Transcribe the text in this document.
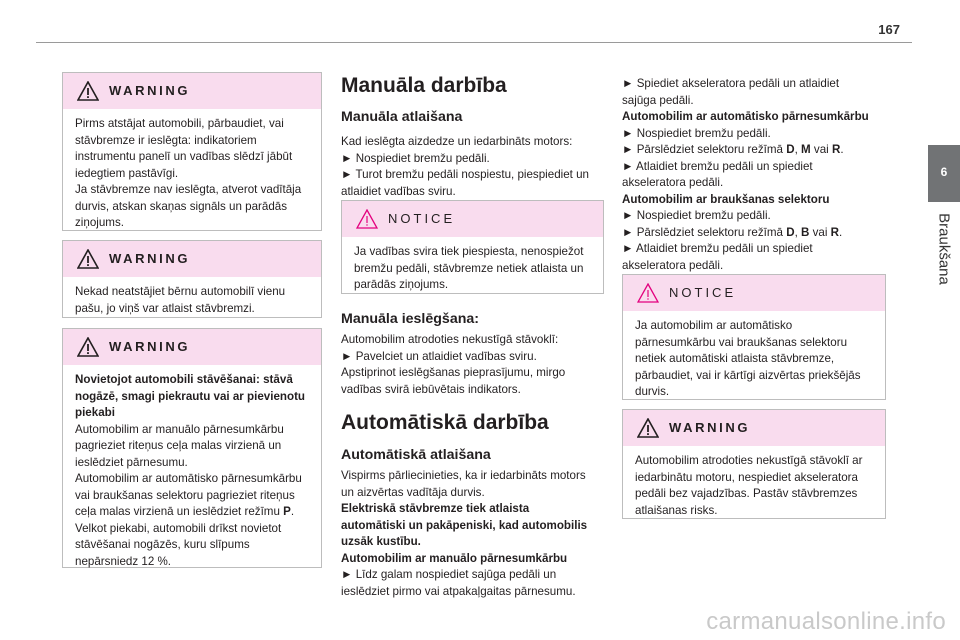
167
6
Braukšana
WARNING

Pirms atstājat automobili, pārbaudiet, vai

stāvbremze ir ieslēgta: indikatoriem

instrumentu panelī un vadības slēdzī jābūt

iedegtiem pastāvīgi.

Ja stāvbremze nav ieslēgta, atverot vadītāja

durvis, atskan skaņas signāls un parādās

ziņojums.

WARNING

Nekad neatstājiet bērnu automobilī vienu

pašu, jo viņš var atlaist stāvbremzi.

WARNING

Novietojot automobili stāvēšanai: stāvā

nogāzē, smagi piekrautu vai ar pievienotu

piekabi

Automobilim ar manuālo pārnesumkārbu

pagrieziet riteņus ceļa malas virzienā un

ieslēdziet pārnesumu.

Automobilim ar automātisko pārnesumkārbu

vai braukšanas selektoru pagrieziet riteņus

ceļa malas virzienā un ieslēdziet režīmu P.

Velkot piekabi, automobili drīkst novietot

stāvēšanai nogāzēs, kuru slīpums

nepārsniedz 12 %.

Manuāla darbība
Manuāla atlaišana

Kad ieslēgta aizdedze un iedarbināts motors:

► Nospiediet bremžu pedāli.

► Turot bremžu pedāli nospiestu, piespiediet un

atlaidiet vadības sviru.

NOTICE

Ja vadības svira tiek piespiesta, nenospiežot

bremžu pedāli, stāvbremze netiek atlaista un

parādās ziņojums.

Manuāla ieslēgšana:

Automobilim atrodoties nekustīgā stāvoklī:

► Pavelciet un atlaidiet vadības sviru.

Apstiprinot ieslēgšanas pieprasījumu, mirgo

vadības svirā iebūvētais indikators.

Automātiskā darbība
Automātiskā atlaišana

Vispirms pārliecinieties, ka ir iedarbināts motors

un aizvērtas vadītāja durvis.

Elektriskā stāvbremze tiek atlaista

automātiski un pakāpeniski, kad automobilis

uzsāk kustību.

Automobilim ar manuālo pārnesumkārbu

► Līdz galam nospiediet sajūga pedāli un

ieslēdziet pirmo vai atpakaļgaitas pārnesumu.

► Spiediet akseleratora pedāli un atlaidiet

sajūga pedāli.

Automobilim ar automātisko pārnesumkārbu

► Nospiediet bremžu pedāli.

► Pārslēdziet selektoru režīmā D, M vai R.

► Atlaidiet bremžu pedāli un spiediet

akseleratora pedāli.

Automobilim ar braukšanas selektoru

► Nospiediet bremžu pedāli.

► Pārslēdziet selektoru režīmā D, B vai R.

► Atlaidiet bremžu pedāli un spiediet

akseleratora pedāli.

NOTICE

Ja automobilim ar automātisko

pārnesumkārbu vai braukšanas selektoru

netiek automātiski atlaista stāvbremze,

pārbaudiet, vai ir kārtīgi aizvērtas priekšējās

durvis.

WARNING

Automobilim atrodoties nekustīgā stāvoklī ar

iedarbinātu motoru, nespiediet akseleratora

pedāli bez vajadzības. Pastāv stāvbremzes

atlaišanas risks.

carmanualsonline.info
